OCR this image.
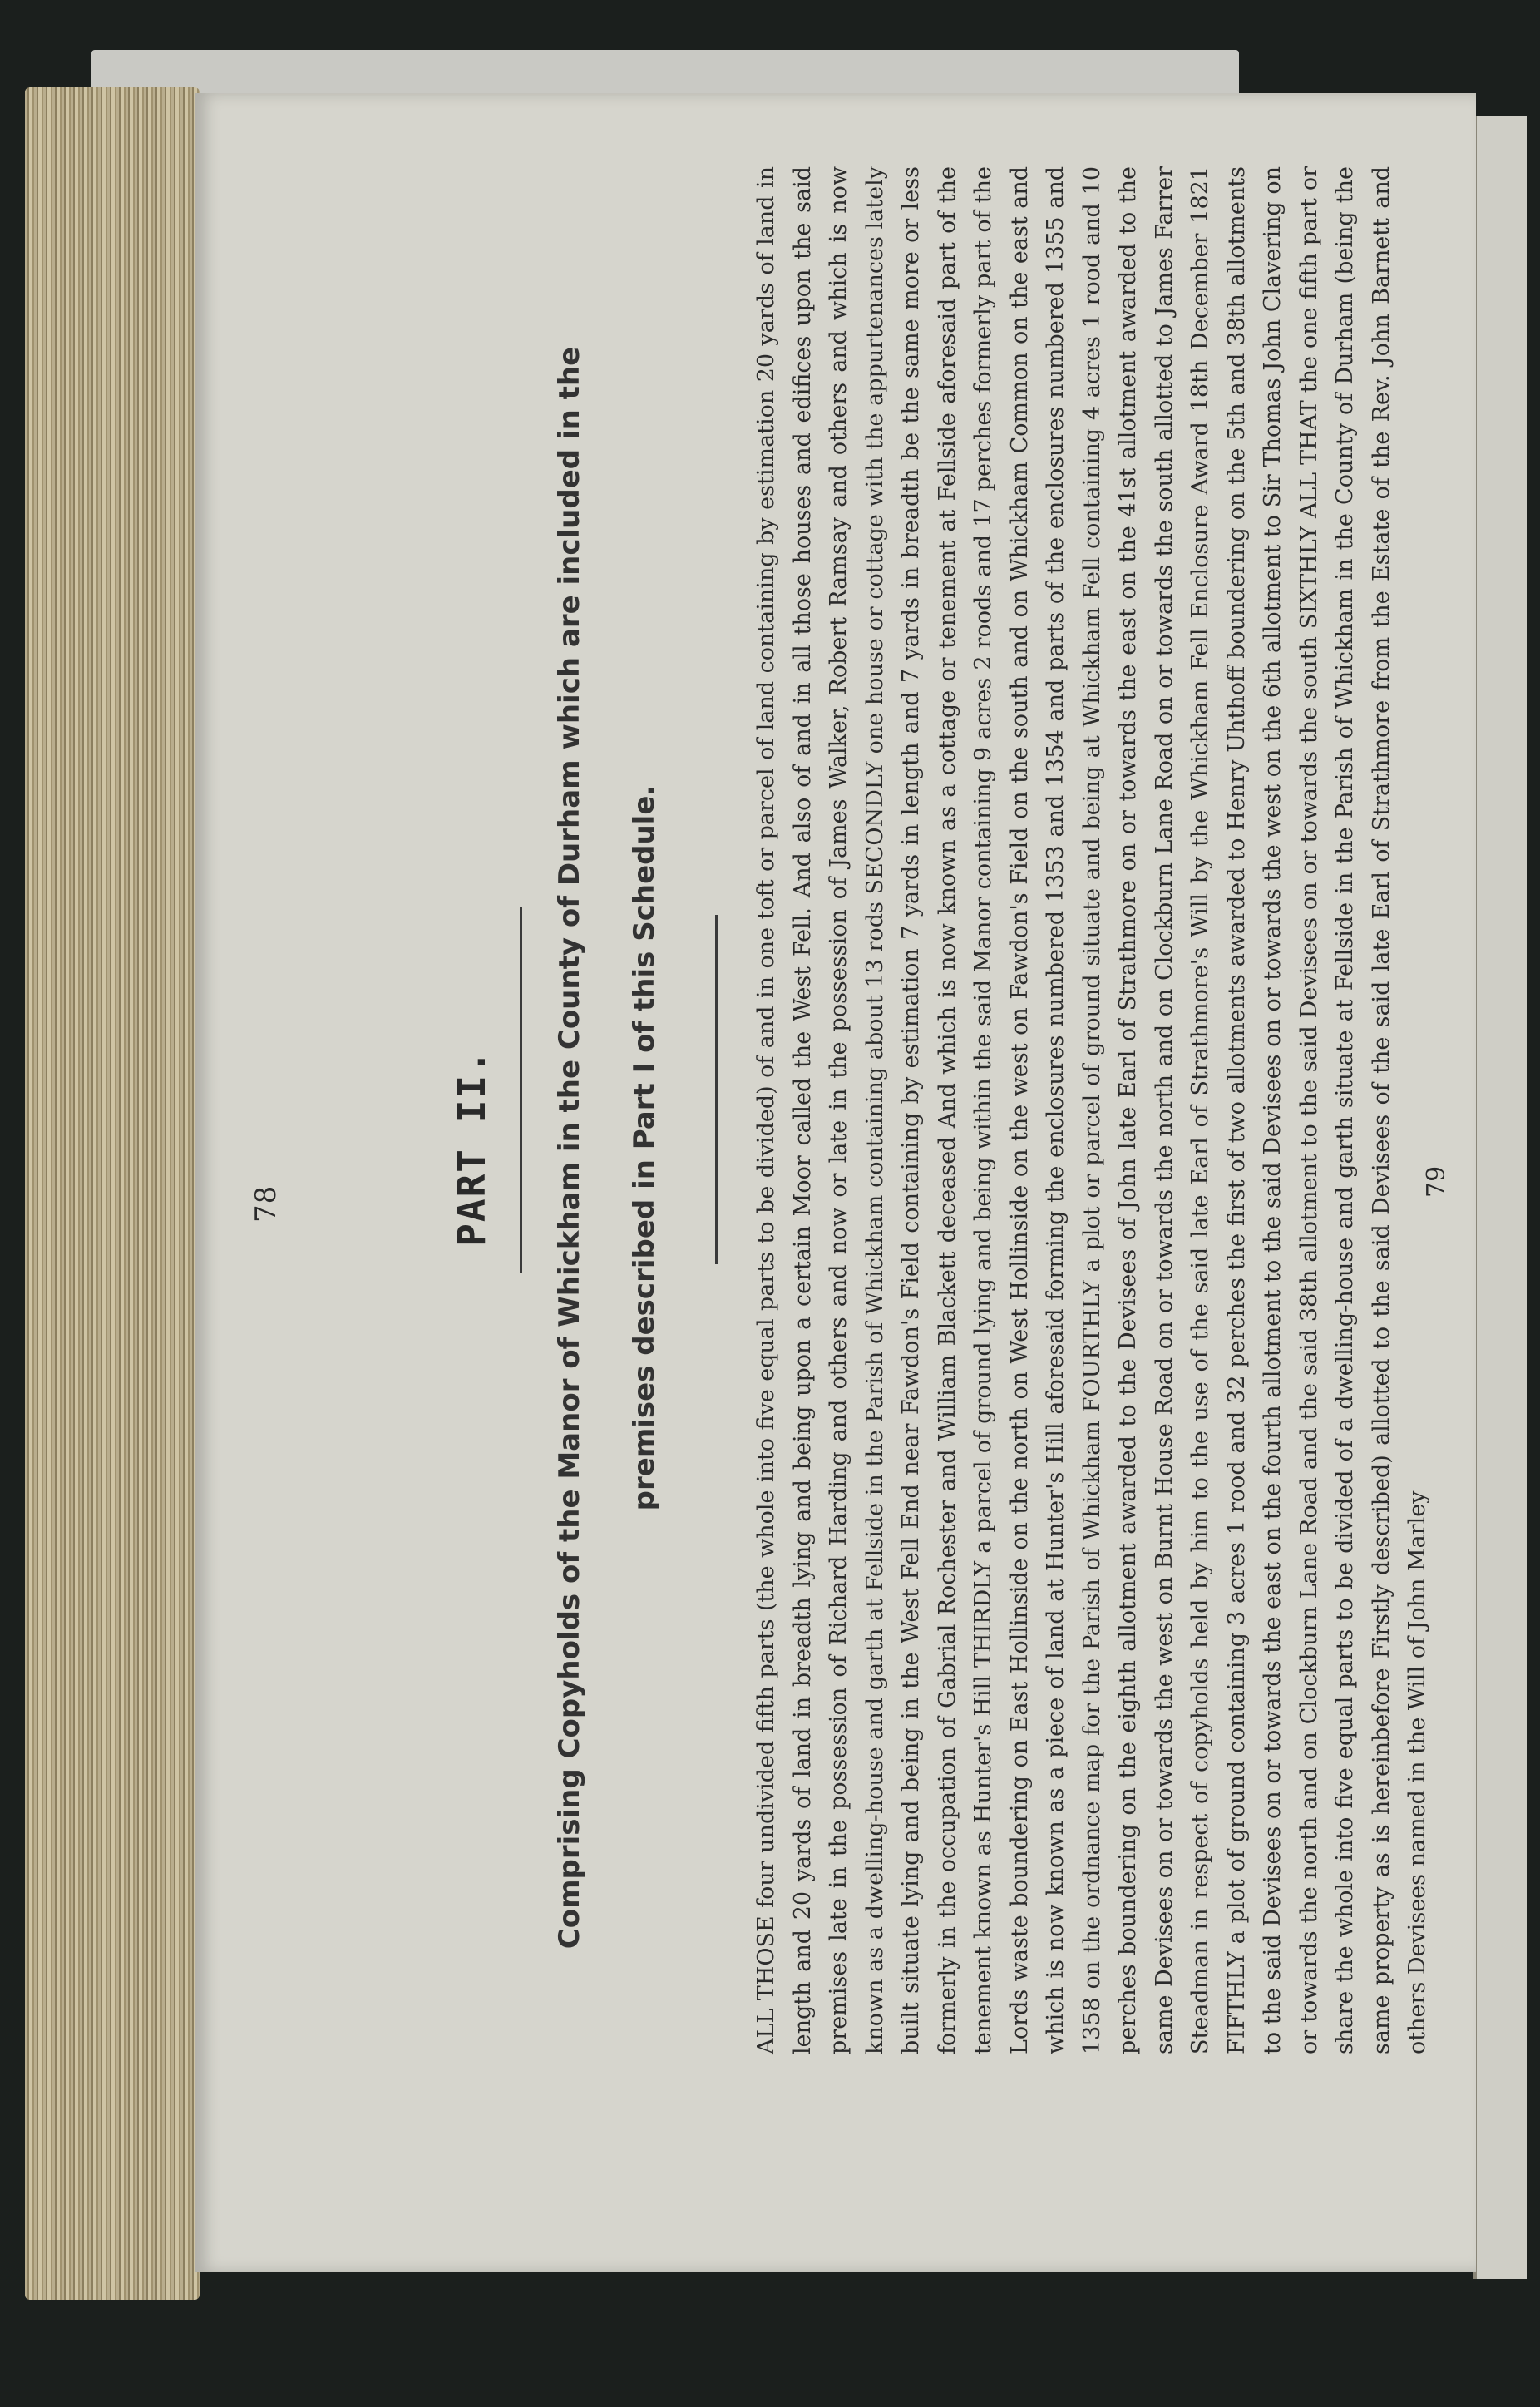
78	PART II.	Comprising Copyholds of the Manor of Whickham in the County of Durham which are included in the	premises described in Part I of this Schedule.	ALL THOSE four undivided fifth parts (the whole into five equal parts to be divided) of and in one toft or parcel of land containing by estimation 20 yards of land in length and 20 yards of land in breadth lying and being upon a certain Moor called the West Fell. And also of and in all those houses and edifices upon the said premises late in the possession of Richard Harding and others and now or late in the possession of James Walker, Robert Ramsay and others and which is now known as a dwelling-house and garth at Fellside in the Parish of Whickham containing about 13 rods SECONDLY one house or cottage with the appurtenances lately built situate lying and being in the West Fell End near Fawdon's Field containing by estimation 7 yards in length and 7 yards in breadth be the same more or less formerly in the occupation of Gabrial Rochester and William Blackett deceased And which is now known as a cottage or tenement at Fellside aforesaid part of the tenement known as Hunter's Hill THIRDLY a parcel of ground lying and being within the said Manor containing 9 acres 2 roods and 17 perches formerly part of the Lords waste boundering on East Hollinside on the north on West Hollinside on the west on Fawdon's Field on the south and on Whickham Common on the east and which is now known as a piece of land at Hunter's Hill aforesaid forming the enclosures numbered 1353 and 1354 and parts of the enclosures numbered 1355 and 1358 on the ordnance map for the Parish of Whickham FOURTHLY a plot or parcel of ground situate and being at Whickham Fell containing 4 acres 1 rood and 10 perches boundering on the eighth allotment awarded to the Devisees of John late Earl of Strathmore on or towards the east on the 41st allotment awarded to the same Devisees on or towards the west on Burnt House Road on or towards the north and on Clockburn Lane Road on or towards the south allotted to James Farrer Steadman in respect of copyholds held by him to the use of the said late Earl of Strathmore's Will by the Whickham Fell Enclosure Award 18th December 1821 FIFTHLY a plot of ground containing 3 acres 1 rood and 32 perches the first of two allotments awarded to Henry Uhthoff boundering on the 5th and 38th allotments to the said Devisees on or towards the east on the fourth allotment to the said Devisees on or towards the west on the 6th allotment to Sir Thomas John Clavering on or towards the north and on Clockburn Lane Road and the said 38th allotment to the said Devisees on or towards the south SIXTHLY ALL THAT the one fifth part or share the whole into five equal parts to be divided of a dwelling-house and garth situate at Fellside in the Parish of Whickham in the County of Durham (being the same property as is hereinbefore Firstly described) allotted to the said Devisees of the said late Earl of Strathmore from the Estate of the Rev. John Barnett and others Devisees named in the Will of John Marley
79
